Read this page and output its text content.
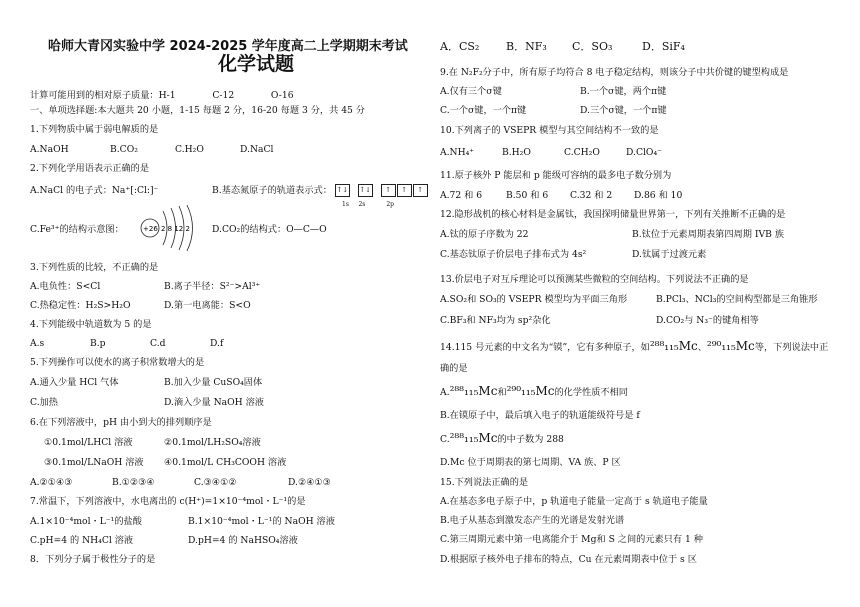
哈师大青冈实验中学 2024-2025 学年度高二上学期期末考试
化学试题
计算可能用到的相对原子质量：H-1　　　　C-12　　　　O-16
一、单项选择题:本大题共 20 小题，1-15 每题 2 分，16-20 每题 3 分，共 45 分
1.下列物质中属于弱电解质的是
A.NaOH	B.CO₂	C.H₂O	D.NaCl
2.下列化学用语表示正确的是
A.NaCl 的电子式：Na⁺[:Cl:]⁻	B.基态氮原子的轨道表示式： ↑↓ ↑↓ ↑ ↑ ↑
1s 2s	2p
C.Fe³⁺的结构示意图：	+26 2 8 12 2 D.CO₂的结构式：O—C—O
3.下列性质的比较，不正确的是
A.电负性：S<Cl	B.离子半径：S²⁻>Al³⁺
C.热稳定性：H₂S>H₂O	D.第一电离能：S<O
4.下列能级中轨道数为 5 的是
A.s	B.p	C.d	D.f
5.下列操作可以使水的离子积常数增大的是
A.通入少量 HCl 气体	B.加入少量 CuSO₄固体
C.加热	D.滴入少量 NaOH 溶液
6.在下列溶液中，pH 由小到大的排列顺序是
①0.1mol/LHCl 溶液	②0.1mol/LH₂SO₄溶液
③0.1mol/LNaOH 溶液 ④0.1mol/L CH₃COOH 溶液
A.②①④③	B.①②③④	C.③④①②	D.②④①③
7.常温下，下列溶液中，水电离出的 c(H⁺)=1×10⁻⁴mol・L⁻¹的是
A.1×10⁻⁴mol・L⁻¹的盐酸	B.1×10⁻⁴mol・L⁻¹的 NaOH 溶液
C.pH=4 的 NH₄Cl 溶液	D.pH=4 的 NaHSO₄溶液
8．下列分子属于极性分子的是
A．CS₂ B．NF₃ C．SO₃	D．SiF₄
9.在 N₂F₂分子中，所有原子均符合 8 电子稳定结构，则该分子中共价键的键型构成是
A.仅有三个σ键	B.一个σ键，两个π键
C.一个σ键，一个π键	D.三个σ键，一个π键
10.下列离子的 VSEPR 模型与其空间结构不一致的是
A.NH₄⁺	B.H₂O	C.CH₂O	D.ClO₄⁻
11.原子核外 P 能层和 p 能级可容纳的最多电子数分别为
A.72 和 6	B.50 和 6 C.32 和 2 D.86 和 10
12.隐形战机的核心材料是金属钛，我国探明储量世界第一，下列有关推断不正确的是
A.钛的原子序数为 22	B.钛位于元素周期表第四周期 IVB 族
C.基态钛原子价层电子排布式为 4s²	D.钛属于过渡元素
13.价层电子对互斥理论可以预测某些微粒的空间结构。下列说法不正确的是
A.SO₂和 SO₃的 VSEPR 模型均为平面三角形	B.PCl₃、NCl₃的空间构型都是三角锥形
C.BF₃和 NF₃均为 sp²杂化	D.CO₂与 N₃⁻的键角相等
14.115 号元素的中文名为“镆”，它有多种原子，如²⁸⁸₁₁₅Mc、²⁹⁰₁₁₅Mc等，下列说法中正
确的是
A.²⁸⁸₁₁₅Mc和²⁹⁰₁₁₅Mc的化学性质不相同
B.在镆原子中，最后填入电子的轨道能级符号是 f
C.²⁸⁸₁₁₅Mc的中子数为 288
D.Mc 位于周期表的第七周期、VA 族、P 区
15.下列说法正确的是
A.在基态多电子原子中，p 轨道电子能量一定高于 s 轨道电子能量
B.电子从基态到激发态产生的光谱是发射光谱
C.第三周期元素中第一电离能介于 Mg和 S 之间的元素只有 1 种
D.根据原子核外电子排布的特点，Cu 在元素周期表中位于 s 区
